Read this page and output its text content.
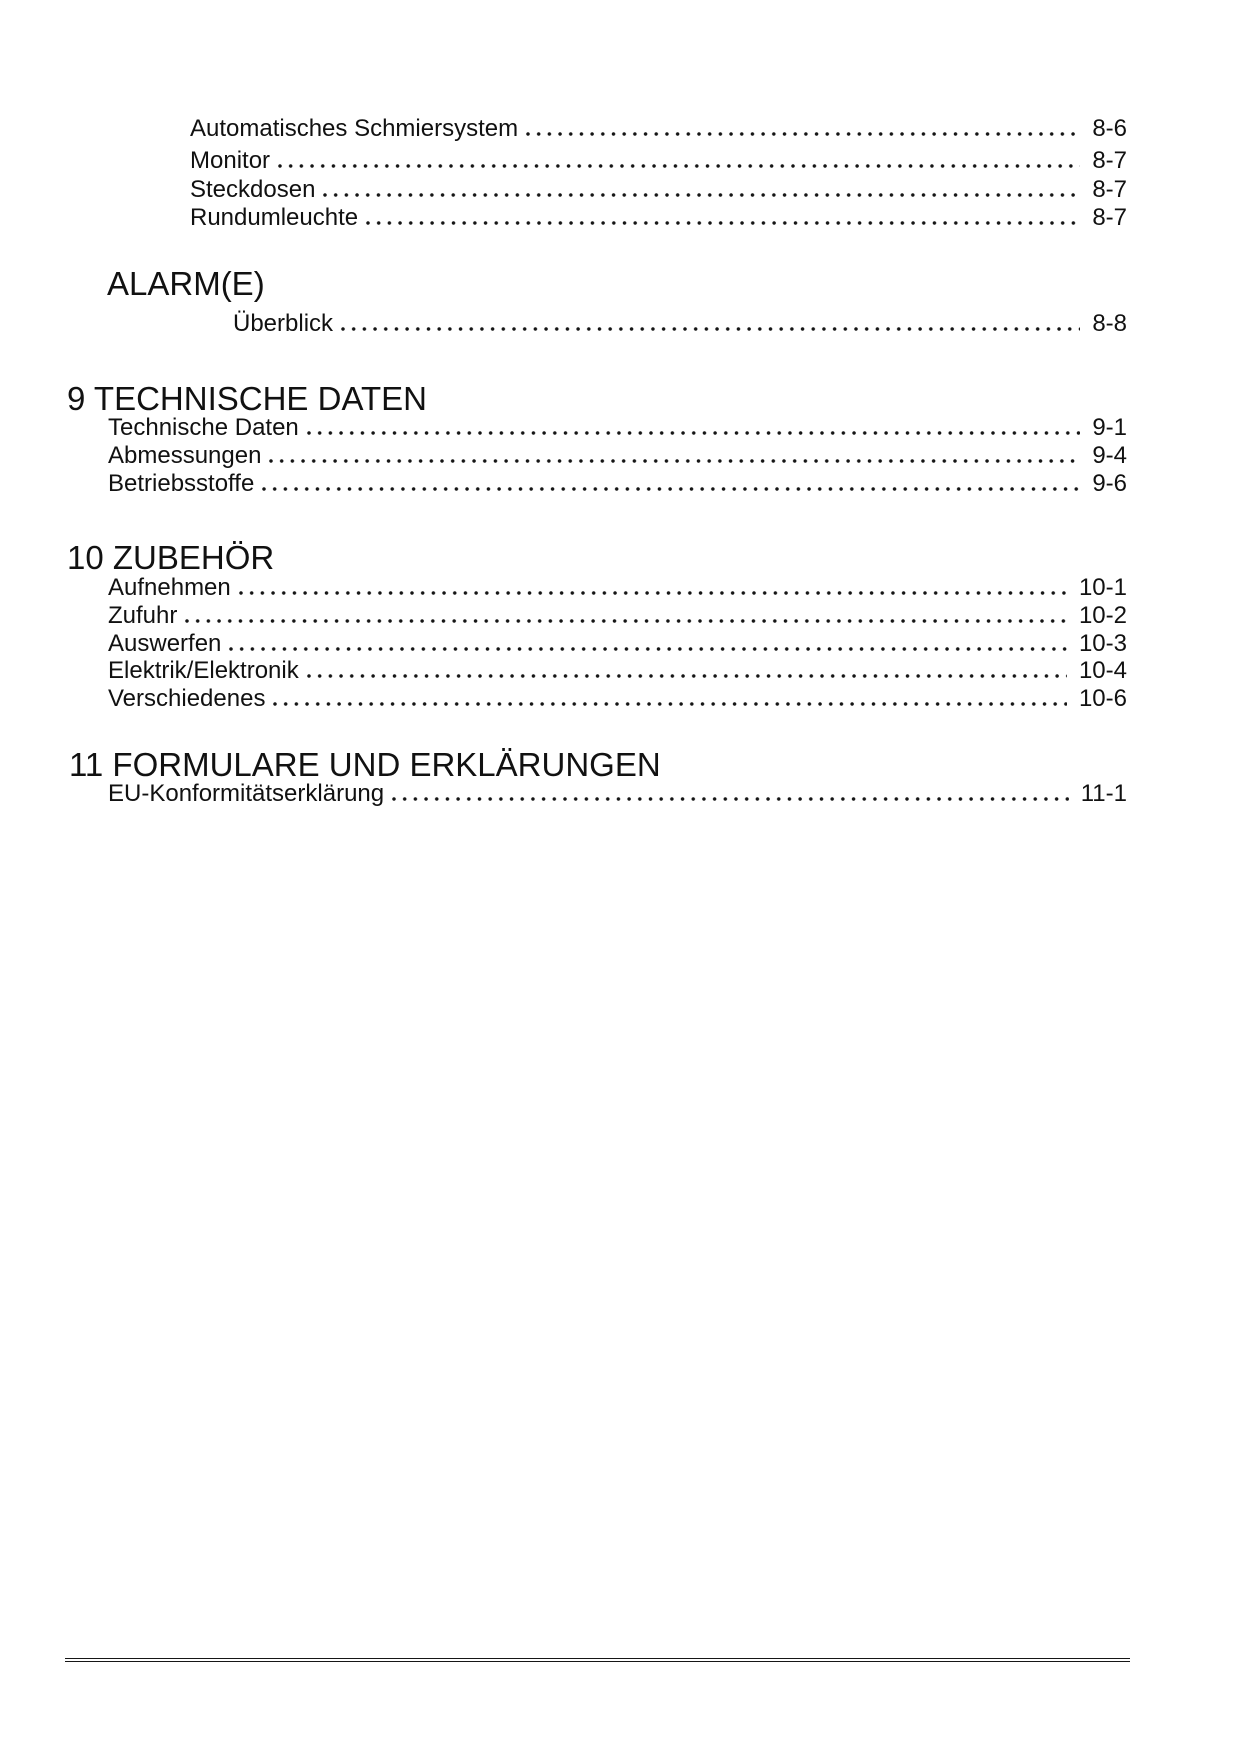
Automatisches Schmiersystem	8-6
Monitor	8-7
Steckdosen	8-7
Rundumleuchte	8-7
ALARM(E)
Überblick	8-8
9 TECHNISCHE DATEN
Technische Daten	9-1
Abmessungen	9-4
Betriebsstoffe	9-6
10 ZUBEHÖR
Aufnehmen	10-1
Zufuhr	10-2
Auswerfen	10-3
Elektrik/Elektronik	10-4
Verschiedenes	10-6
11 FORMULARE UND ERKLÄRUNGEN
EU-Konformitätserklärung	11-1
